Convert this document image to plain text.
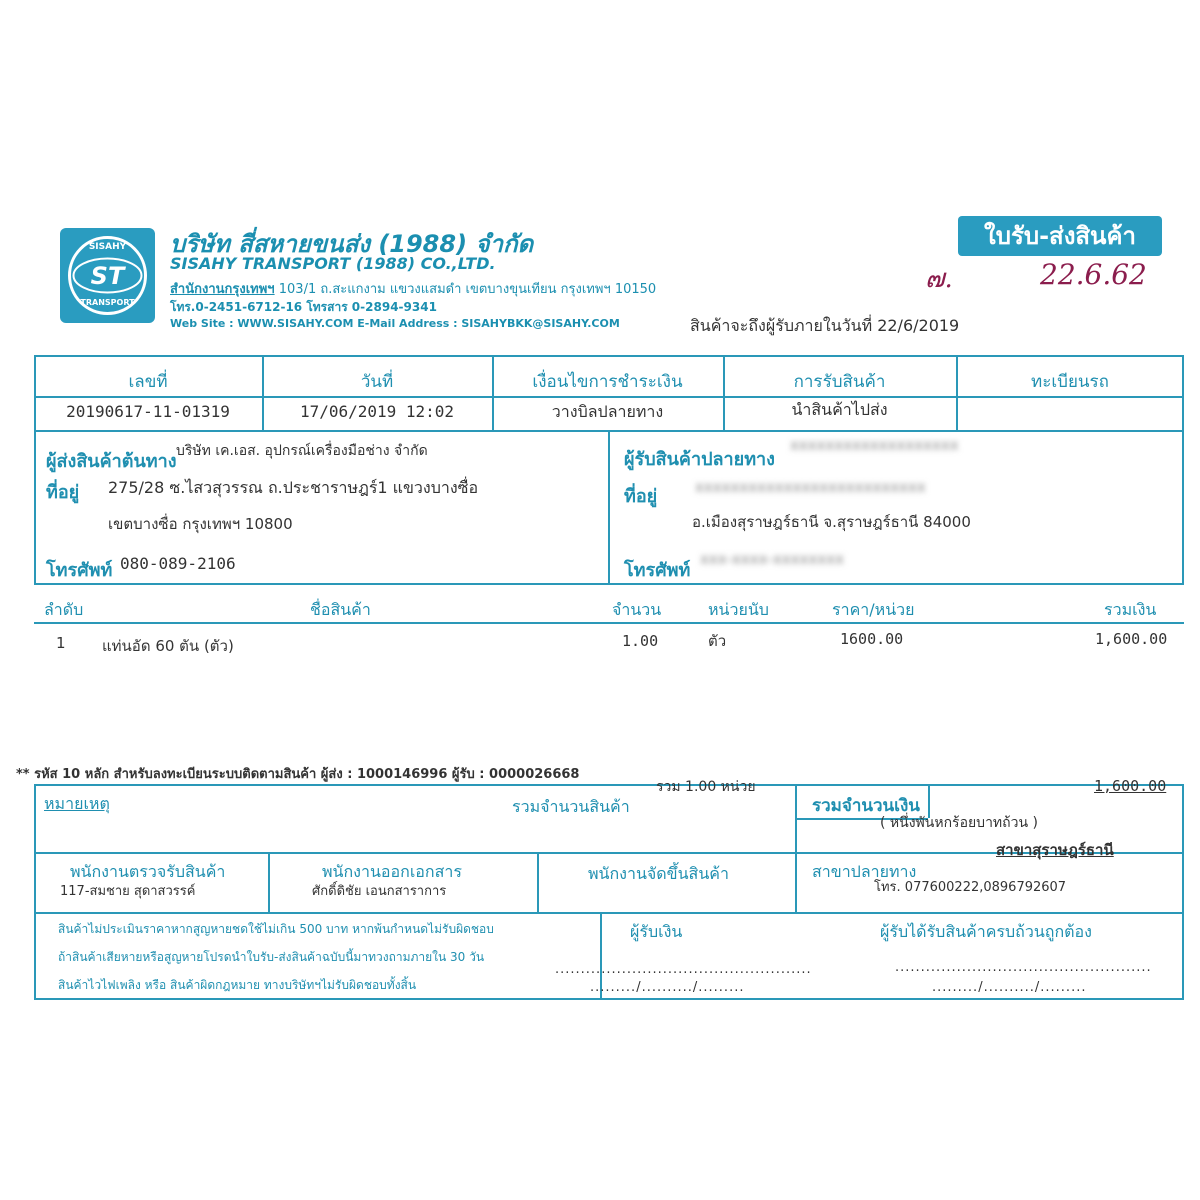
SISAHY
ST
TRANSPORT
บริษัท สี่สหายขนส่ง (1988) จำกัด
SISAHY TRANSPORT (1988) CO.,LTD.
สำนักงานกรุงเทพฯ 103/1 ถ.สะแกงาม แขวงแสมดำ เขตบางขุนเทียน กรุงเทพฯ 10150
โทร.0-2451-6712-16 โทรสาร 0-2894-9341
Web Site : WWW.SISAHY.COM E-Mail Address : SISAHYBKK@SISAHY.COM
ใบรับ-ส่งสินค้า
๗.	22.6.62
สินค้าจะถึงผู้รับภายในวันที่ 22/6/2019
เลขที่	วันที่	เงื่อนไขการชำระเงิน	การรับสินค้า	ทะเบียนรถ
20190617-11-01319	17/06/2019 12:02	วางบิลปลายทาง	นำสินค้าไปส่ง
ผู้ส่งสินค้าต้นทาง บริษัท เค.เอส. อุปกรณ์เครื่องมือช่าง จำกัด
ที่อยู่ 275/28 ซ.ไสวสุวรรณ ถ.ประชาราษฎร์1 แขวงบางซื่อ
เขตบางซื่อ กรุงเทพฯ 10800
โทรศัพท์ 080-089-2106
ผู้รับสินค้าปลายทาง
xxxxxxxxxxxxxxxxxxx
ที่อยู่	xxxxxxxxxxxxxxxxxxxxxxxxxx
อ.เมืองสุราษฎร์ธานี จ.สุราษฎร์ธานี 84000
โทรศัพท์
xxx-xxxx-xxxxxxxx
ลำดับ	ชื่อสินค้า	จำนวน	หน่วยนับ	ราคา/หน่วย	รวมเงิน
1 แท่นอัด 60 ตัน (ตัว)	1.00	ตัว	1600.00	1,600.00
** รหัส 10 หลัก สำหรับลงทะเบียนระบบติดตามสินค้า ผู้ส่ง : 1000146996 ผู้รับ : 0000026668
หมายเหตุ	รวมจำนวนสินค้า
รวม 1.00 หน่วย
รวมจำนวนเงิน
1,600.00
( หนึ่งพันหกร้อยบาทถ้วน )
สาขาสุราษฎร์ธานี
พนักงานตรวจรับสินค้า
117-สมชาย สุดาสวรรค์
พนักงานออกเอกสาร
ศักดิ์ดิชัย เอนกสาราการ
พนักงานจัดขึ้นสินค้า	สาขาปลายทาง
โทร. 077600222,0896792607
สินค้าไม่ประเมินราคาหากสูญหายชดใช้ไม่เกิน 500 บาท หากพ้นกำหนดไม่รับผิดชอบ
ถ้าสินค้าเสียหายหรือสูญหายโปรดนำใบรับ-ส่งสินค้าฉบับนี้มาทวงถามภายใน 30 วัน
สินค้าไวไฟเพลิง หรือ สินค้าผิดกฎหมาย ทางบริษัทฯไม่รับผิดชอบทั้งสิ้น
ผู้รับเงิน
..................................................
........./........../.........
ผู้รับได้รับสินค้าครบถ้วนถูกต้อง
..................................................
........./........../.........
